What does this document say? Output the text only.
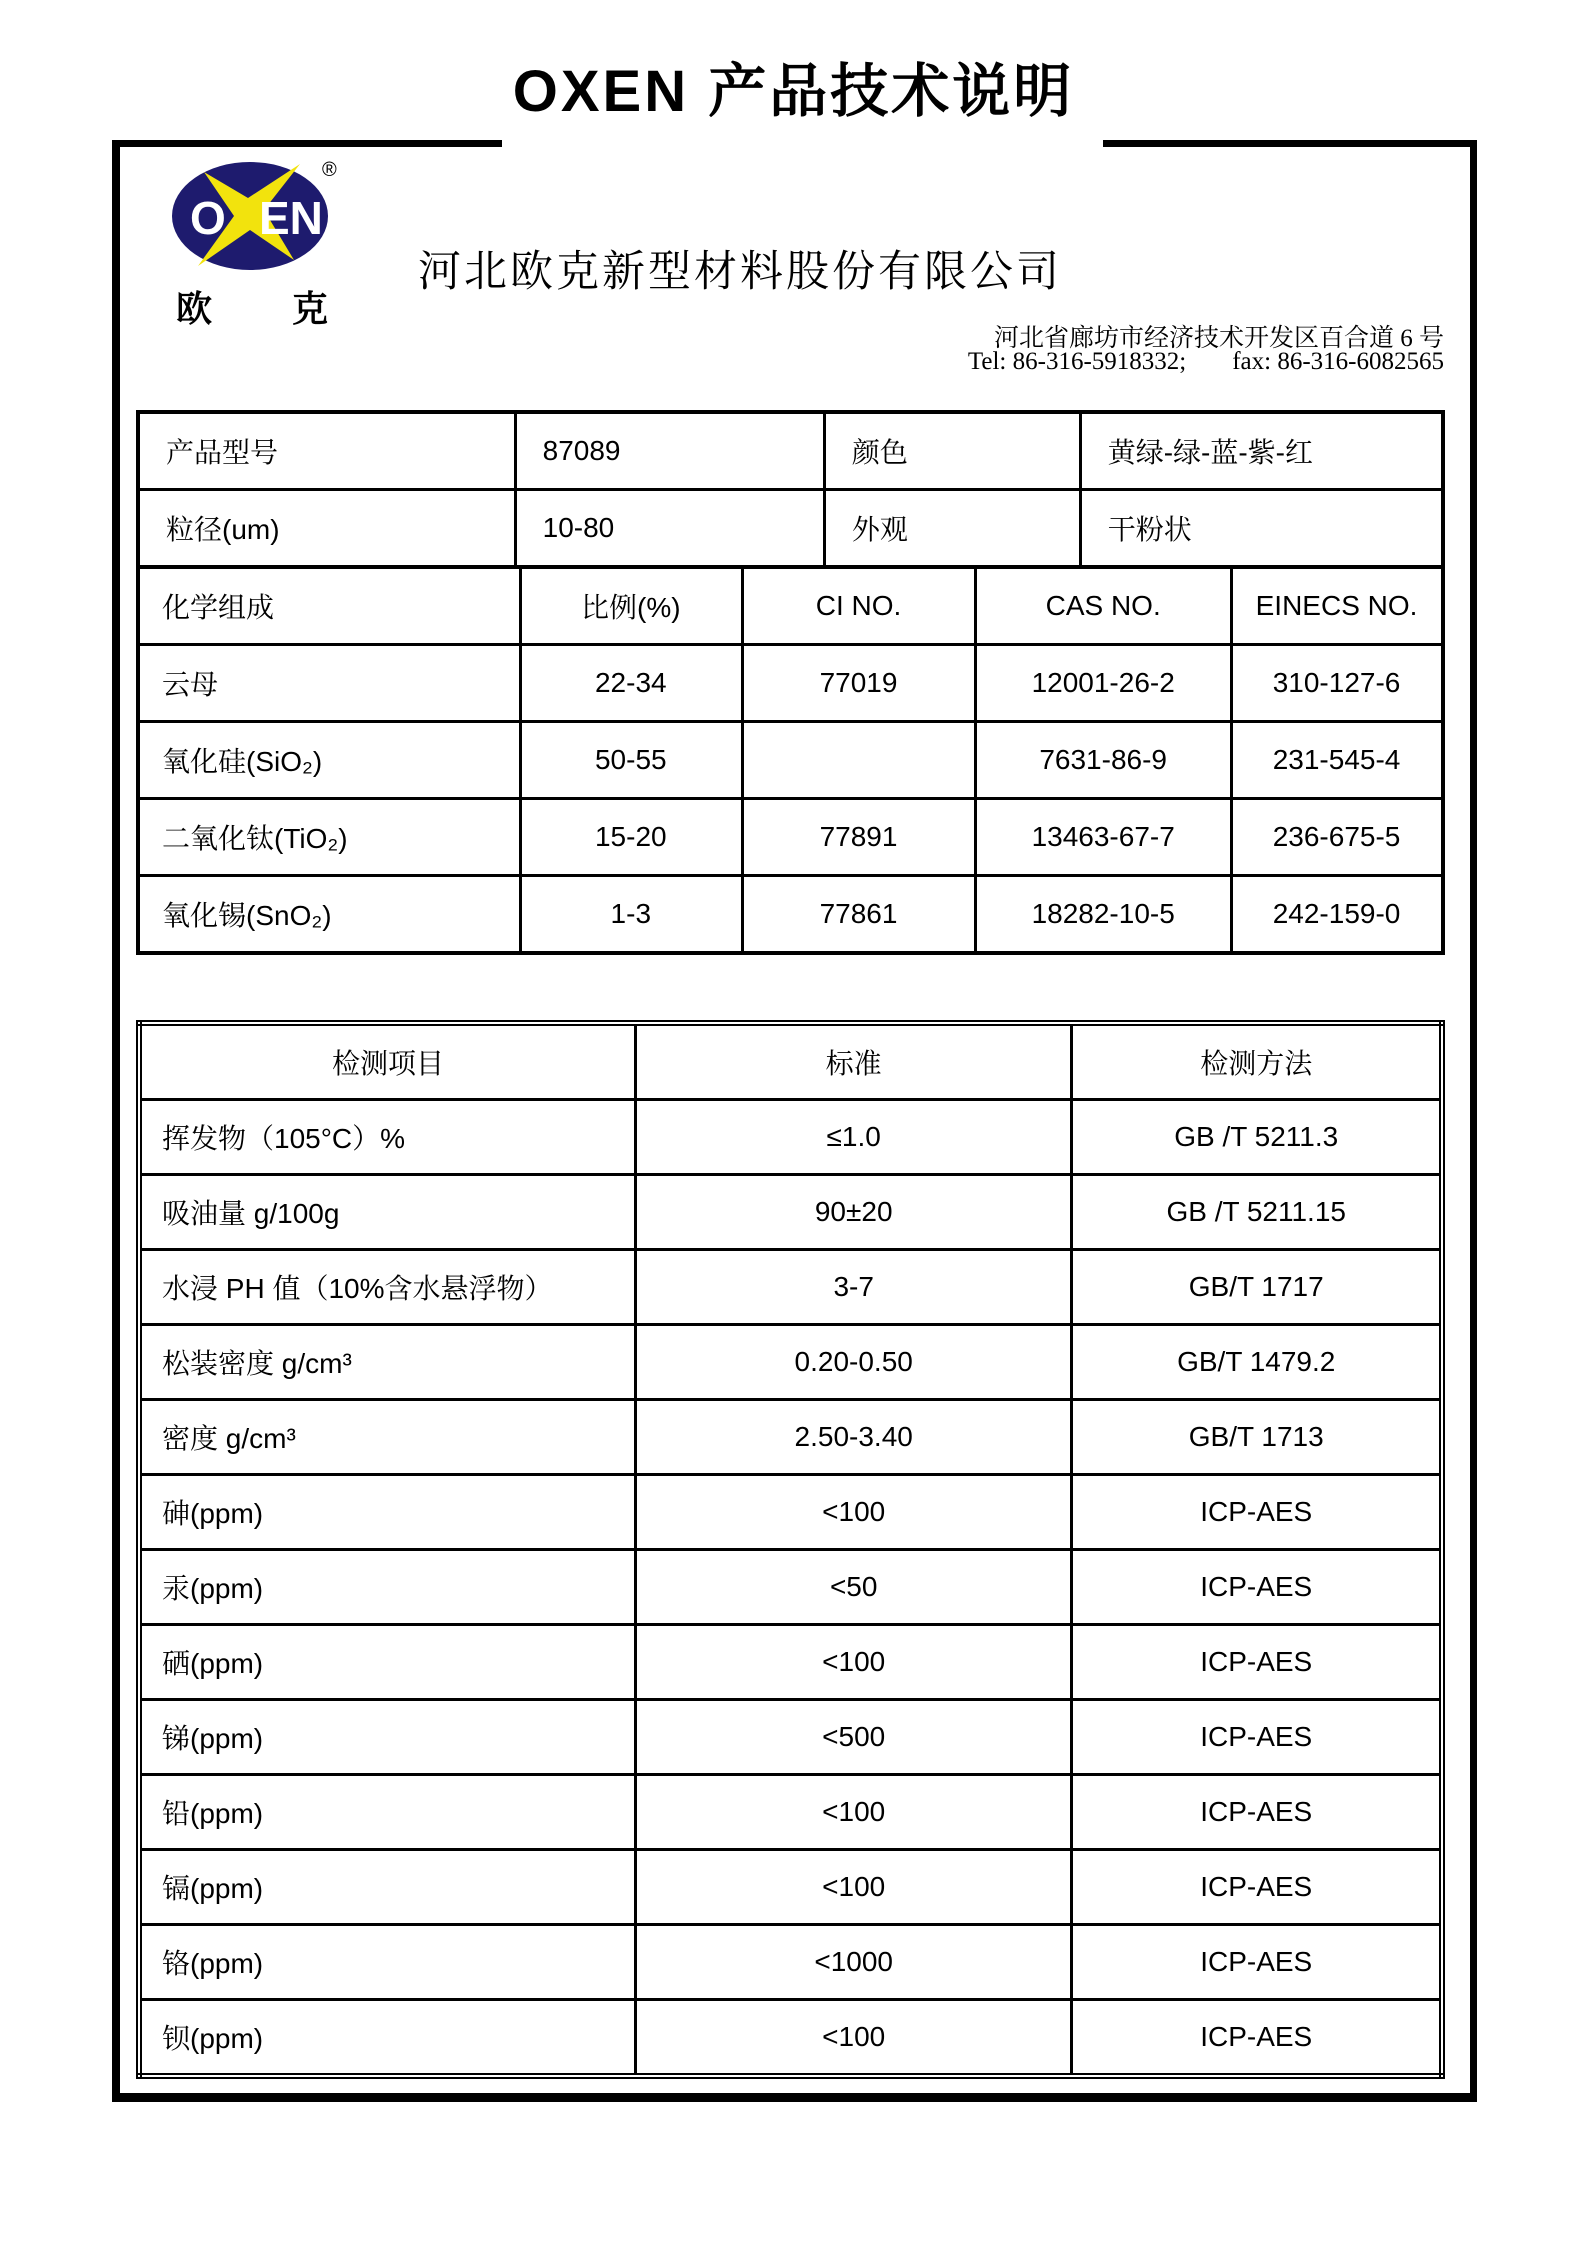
OXEN 产品技术说明
O EN
®
欧 克
河北欧克新型材料股份有限公司
河北省廊坊市经济技术开发区百合道 6 号
Tel: 86-316-5918332; fax: 86-316-6082565
产品型号	87089	颜色	黄绿-绿-蓝-紫-红
粒径(um)	10-80	外观	干粉状
化学组成	比例(%)	CI NO.	CAS NO.	EINECS NO.
云母	22-34	77019	12001-26-2	310-127-6
氧化硅(SiO₂)	50-55		7631-86-9	231-545-4
二氧化钛(TiO₂)	15-20	77891	13463-67-7	236-675-5
氧化锡(SnO₂)	1-3	77861	18282-10-5	242-159-0
检测项目	标准	检测方法
挥发物（105°C）%	≤1.0	GB /T 5211.3
吸油量 g/100g	90±20	GB /T 5211.15
水浸 PH 值（10%含水悬浮物）	3-7	GB/T 1717
松装密度 g/cm³	0.20-0.50	GB/T 1479.2
密度 g/cm³	2.50-3.40	GB/T 1713
砷(ppm)	<100	ICP-AES
汞(ppm)	<50	ICP-AES
硒(ppm)	<100	ICP-AES
锑(ppm)	<500	ICP-AES
铅(ppm)	<100	ICP-AES
镉(ppm)	<100	ICP-AES
铬(ppm)	<1000	ICP-AES
钡(ppm)	<100	ICP-AES
